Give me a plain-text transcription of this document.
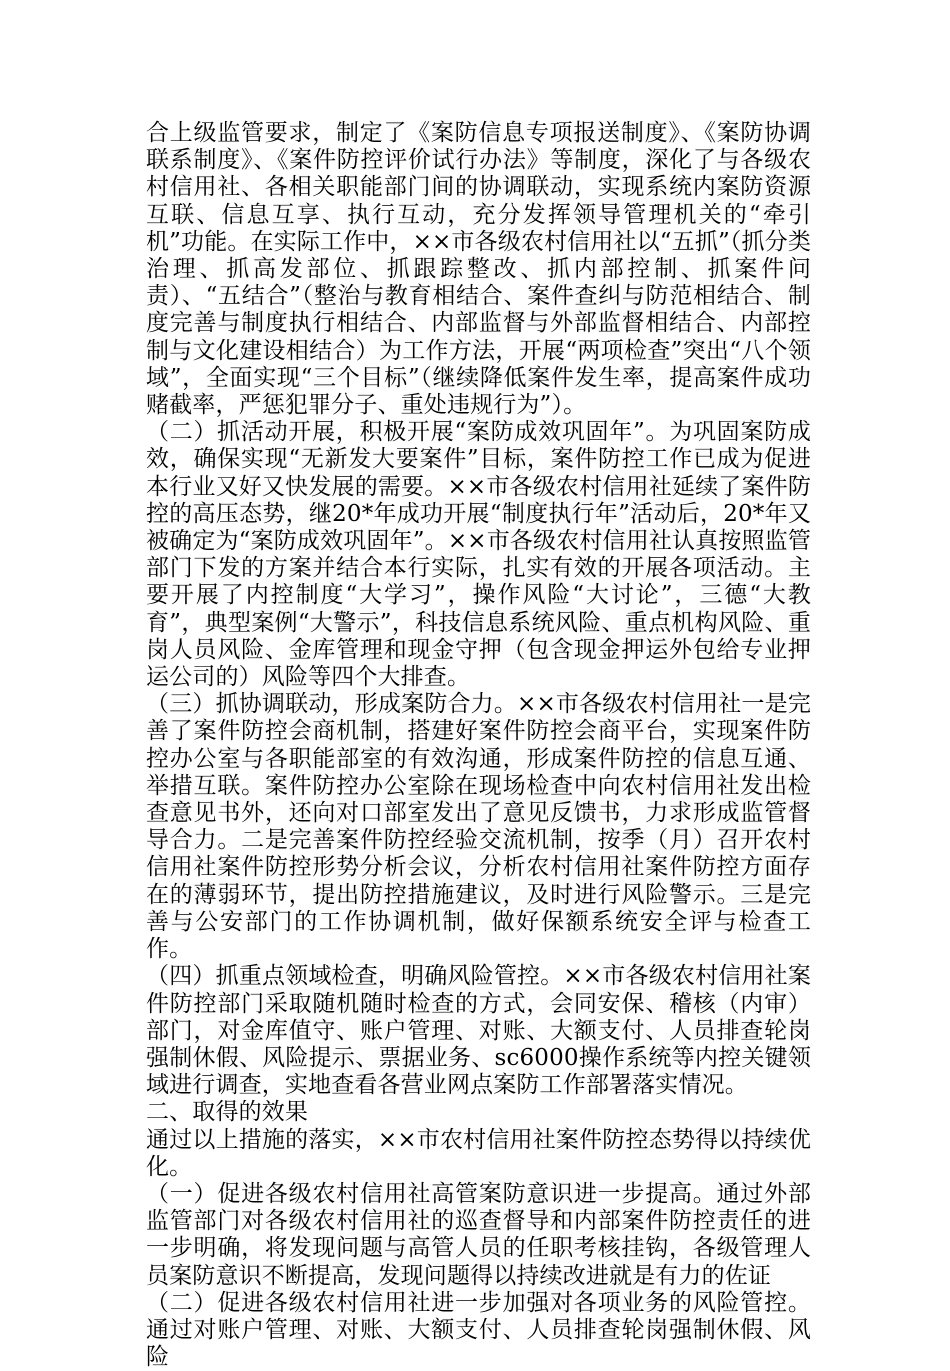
合上级监管要求，制定了《案防信息专项报送制度》、《案防协调联系制度》、《案件防控评价试行办法》等制度，深化了与各级农村信用社、各相关职能部门间的协调联动，实现系统内案防资源互联、信息互享、执行互动，充分发挥领导管理机关的“牵引机”功能。在实际工作中，××市各级农村信用社以“五抓”（抓分类治理、抓高发部位、抓跟踪整改、抓内部控制、抓案件问责）、“五结合”（整治与教育相结合、案件查纠与防范相结合、制度完善与制度执行相结合、内部监督与外部监督相结合、内部控制与文化建设相结合）为工作方法，开展“两项检查”突出“八个领域”，全面实现“三个目标”（继续降低案件发生率，提高案件成功赌截率，严惩犯罪分子、重处违规行为”）。

（二）抓活动开展，积极开展“案防成效巩固年”。为巩固案防成效，确保实现“无新发大要案件”目标，案件防控工作已成为促进本行业又好又快发展的需要。××市各级农村信用社延续了案件防控的高压态势，继20*年成功开展“制度执行年”活动后，20*年又被确定为“案防成效巩固年”。××市各级农村信用社认真按照监管部门下发的方案并结合本行实际，扎实有效的开展各项活动。主要开展了内控制度“大学习”，操作风险“大讨论”，三德“大教育”，典型案例“大警示”，科技信息系统风险、重点机构风险、重岗人员风险、金库管理和现金守押（包含现金押运外包给专业押运公司的）风险等四个大排查。

（三）抓协调联动，形成案防合力。××市各级农村信用社一是完善了案件防控会商机制，搭建好案件防控会商平台，实现案件防控办公室与各职能部室的有效沟通，形成案件防控的信息互通、举措互联。案件防控办公室除在现场检查中向农村信用社发出检查意见书外，还向对口部室发出了意见反馈书，力求形成监管督导合力。二是完善案件防控经验交流机制，按季（月）召开农村信用社案件防控形势分析会议，分析农村信用社案件防控方面存在的薄弱环节，提出防控措施建议，及时进行风险警示。三是完善与公安部门的工作协调机制，做好保额系统安全评与检查工作。

（四）抓重点领域检查，明确风险管控。××市各级农村信用社案件防控部门采取随机随时检查的方式，会同安保、稽核（内审）部门，对金库值守、账户管理、对账、大额支付、人员排查轮岗强制休假、风险提示、票据业务、sc6000操作系统等内控关键领域进行调查，实地查看各营业网点案防工作部署落实情况。

二、取得的效果

通过以上措施的落实，××市农村信用社案件防控态势得以持续优化。

（一）促进各级农村信用社高管案防意识进一步提高。通过外部监管部门对各级农村信用社的巡查督导和内部案件防控责任的进一步明确，将发现问题与高管人员的任职考核挂钩，各级管理人员案防意识不断提高，发现问题得以持续改进就是有力的佐证

（二）促进各级农村信用社进一步加强对各项业务的风险管控。通过对账户管理、对账、大额支付、人员排查轮岗强制休假、风险
